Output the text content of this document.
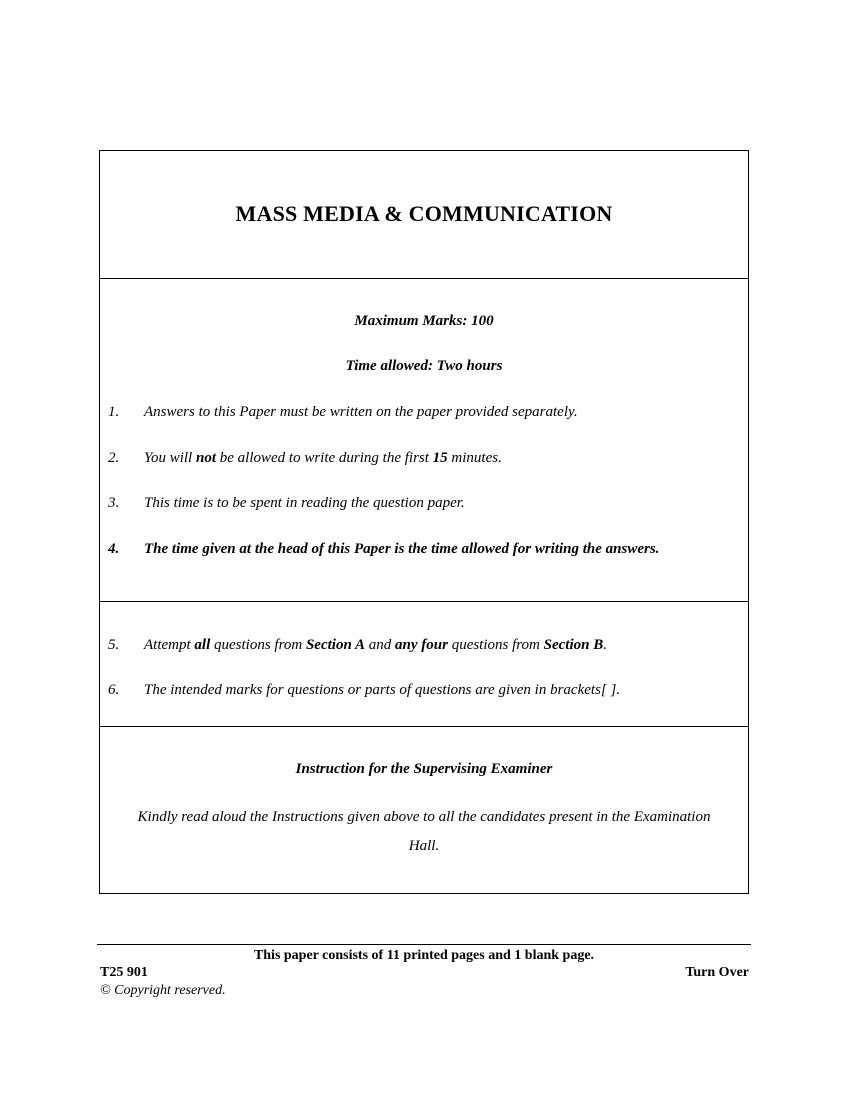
MASS MEDIA & COMMUNICATION
Maximum Marks: 100
Time allowed: Two hours
1.	Answers to this Paper must be written on the paper provided separately.
2.	You will not be allowed to write during the first 15 minutes.
3.	This time is to be spent in reading the question paper.
4.	The time given at the head of this Paper is the time allowed for writing the answers.
5.	Attempt all questions from Section A and any four questions from Section B.
6.	The intended marks for questions or parts of questions are given in brackets[ ].
Instruction for the Supervising Examiner
Kindly read aloud the Instructions given above to all the candidates present in the Examination Hall.
This paper consists of 11 printed pages and 1 blank page.
T25 901	Turn Over
© Copyright reserved.
